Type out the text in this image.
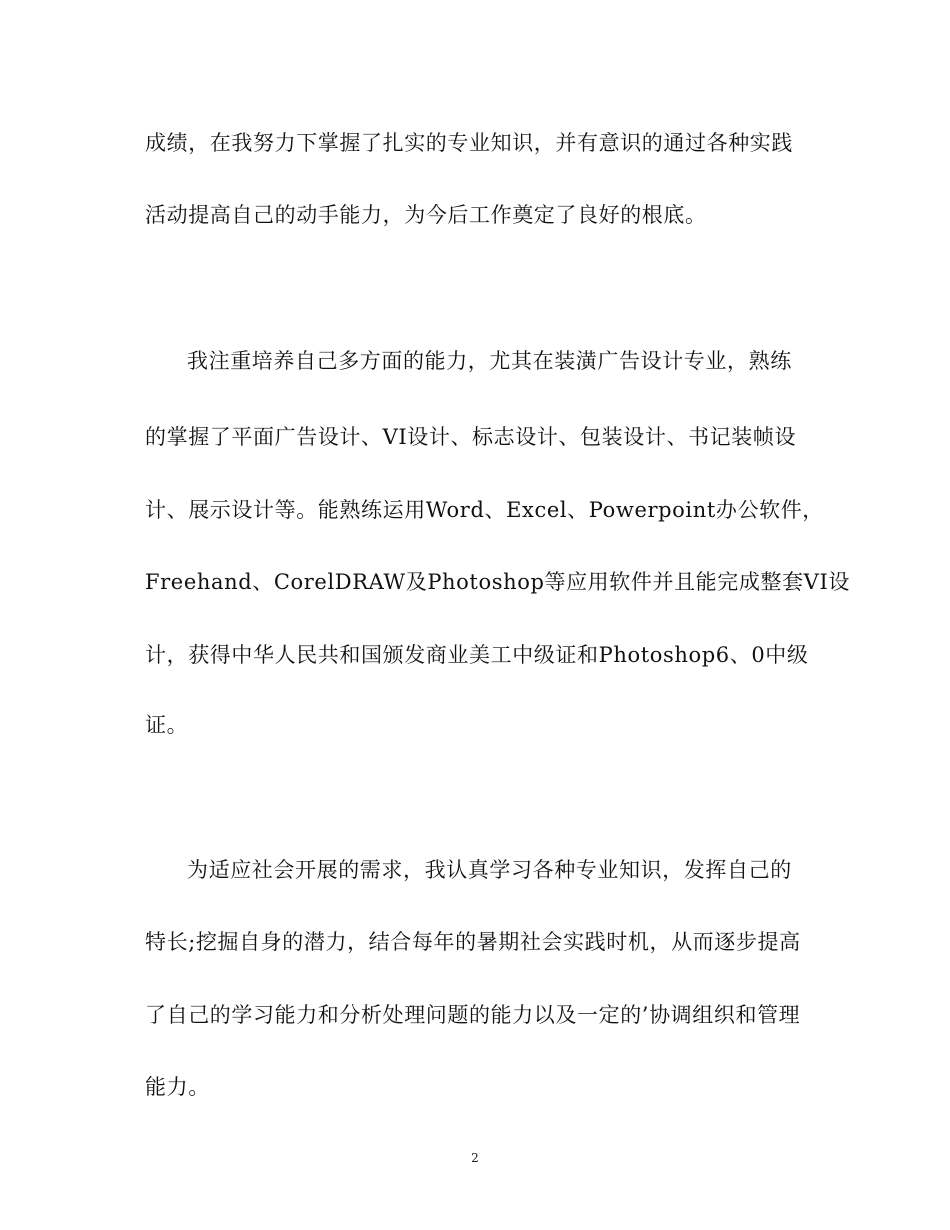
成绩，在我努力下掌握了扎实的专业知识，并有意识的通过各种实践
活动提高自己的动手能力，为今后工作奠定了良好的根底。
我注重培养自己多方面的能力，尤其在装潢广告设计专业，熟练
的掌握了平面广告设计、VI设计、标志设计、包装设计、书记装帧设
计、展示设计等。能熟练运用Word、Excel、Powerpoint办公软件，
Freehand、CorelDRAW及Photoshop等应用软件并且能完成整套VI设
计，获得中华人民共和国颁发商业美工中级证和Photoshop6、0中级
证。
为适应社会开展的需求，我认真学习各种专业知识，发挥自己的
特长;挖掘自身的潜力，结合每年的暑期社会实践时机，从而逐步提高
了自己的学习能力和分析处理问题的能力以及一定的’协调组织和管理
能力。
2
